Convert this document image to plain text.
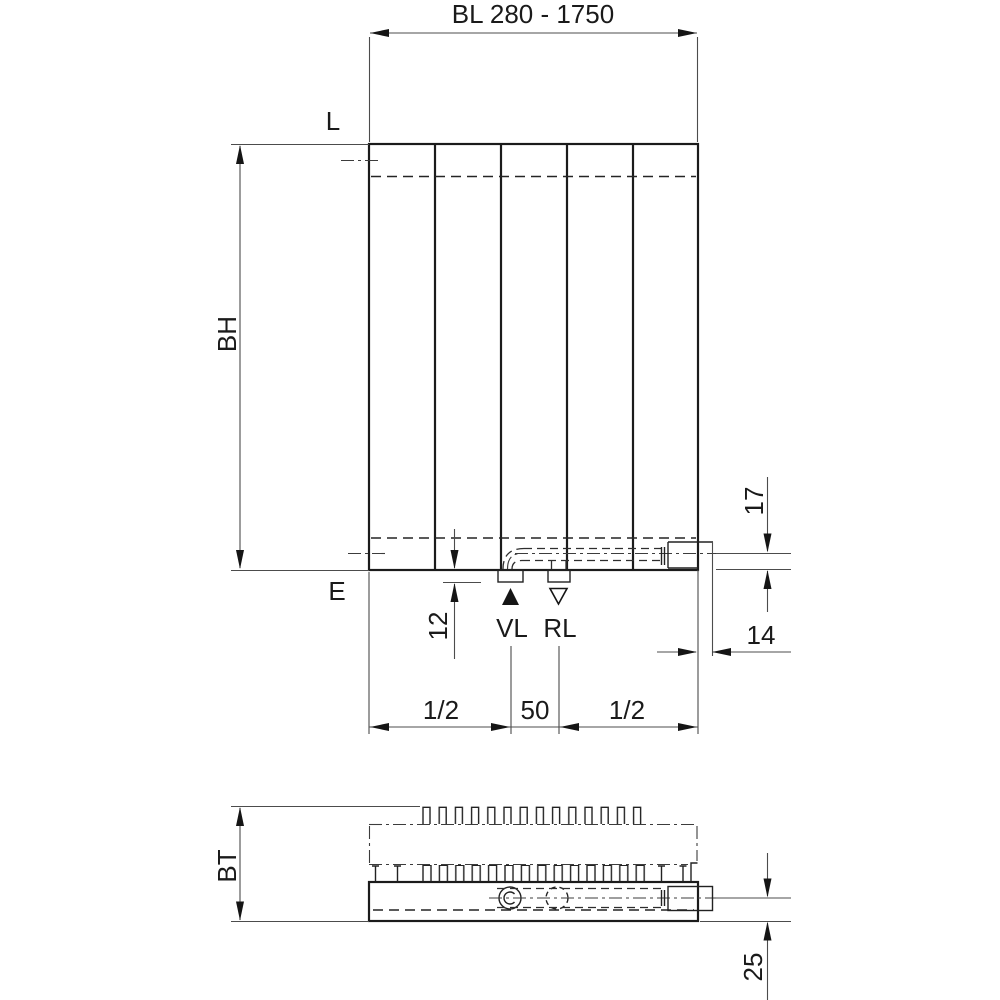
BL 280 - 1750
L
E
BH
12 VL RL
17
14
1/2 50 1/2
BT
25
